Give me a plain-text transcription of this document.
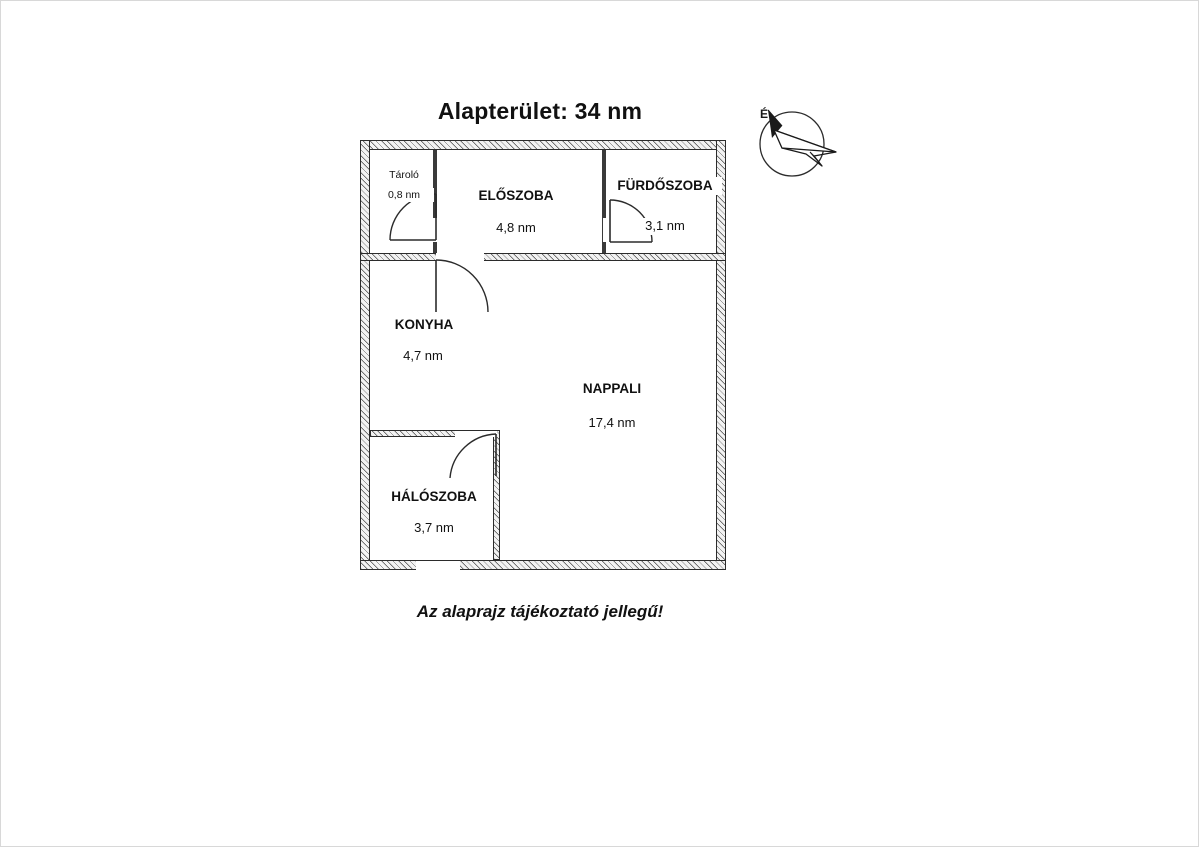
Alapterület: 34 nm
Tároló
0,8 nm	ELŐSZOBA
4,8 nm
FÜRDŐSZOBA
3,1 nm
KONYHA
4,7 nm
NAPPALI
17,4 nm
HÁLÓSZOBA
3,7 nm
É
Az alaprajz tájékoztató jellegű!
